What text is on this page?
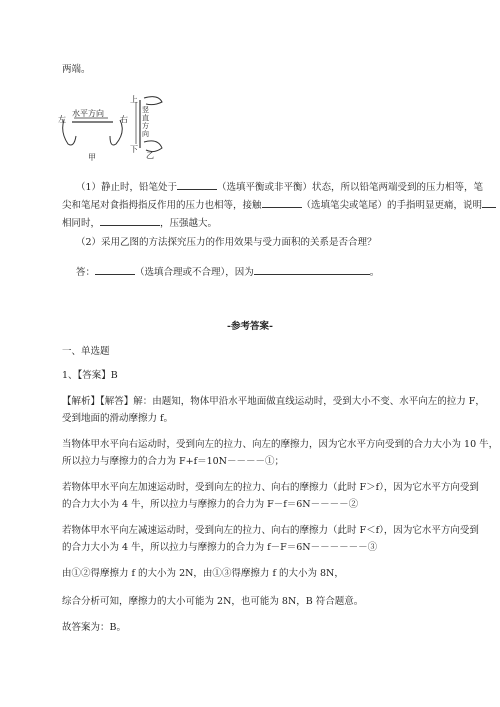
两端。
左
水平方向
右
甲
上
竖直方向
下
乙
（1）静止时，铅笔处于	（选填平衡或非平衡）状态，所以铅笔两端受到的压力相等，笔
尖和笔尾对食指拇指反作用的压力也相等，接触	（选填笔尖或笔尾）的手指明显更痛，说明
相同时，	，压强越大。
（2）采用乙图的方法探究压力的作用效果与受力面积的关系是否合理？
答：	（选填合理或不合理），因为	。
-参考答案-
一、单选题
1、【答案】B
【解析】【解答】解：由题知，物体甲沿水平地面做直线运动时，受到大小不变、水平向左的拉力 F，
受到地面的滑动摩擦力 f。
当物体甲水平向右运动时，受到向左的拉力、向左的摩擦力，因为它水平方向受到的合力大小为 10 牛，
所以拉力与摩擦力的合力为 F+f＝10N－－－－①；
若物体甲水平向左加速运动时，受到向左的拉力、向右的摩擦力（此时 F＞f），因为它水平方向受到
的合力大小为 4 牛，所以拉力与摩擦力的合力为 F－f＝6N－－－－②
若物体甲水平向左减速运动时，受到向左的拉力、向右的摩擦力（此时 F＜f），因为它水平方向受到
的合力大小为 4 牛，所以拉力与摩擦力的合力为 f－F＝6N－－－－－－③
由①②得摩擦力 f 的大小为 2N，由①③得摩擦力 f 的大小为 8N，
综合分析可知，摩擦力的大小可能为 2N，也可能为 8N，B 符合题意。
故答案为：B。
